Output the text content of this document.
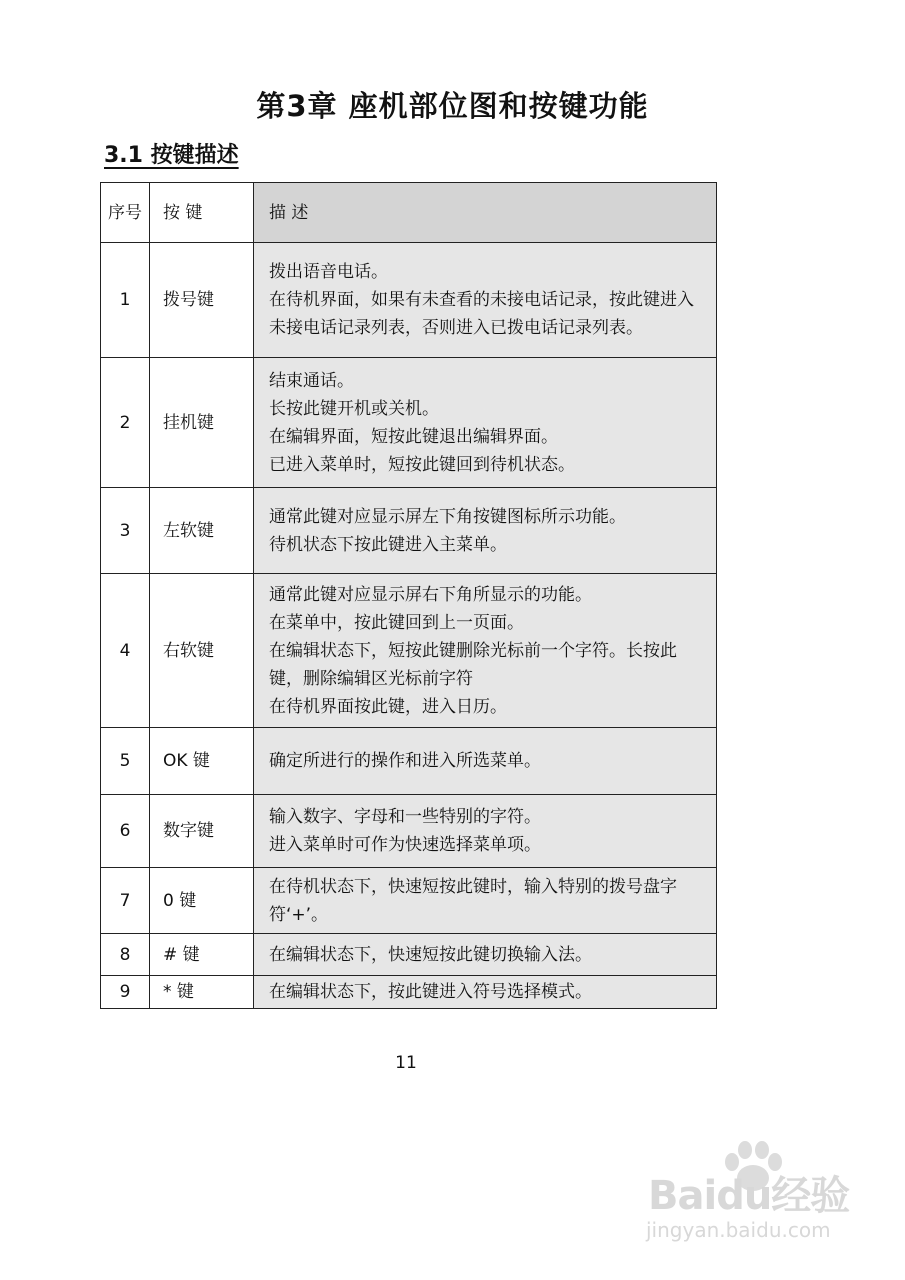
第3章 座机部位图和按键功能
3.1 按键描述
序号	按 键	描 述
1	拨号键	拨出语音电话。
在待机界面，如果有未查看的未接电话记录，按此键进入未接电话记录列表，否则进入已拨电话记录列表。

2	挂机键	结束通话。
长按此键开机或关机。
在编辑界面，短按此键退出编辑界面。
已进入菜单时，短按此键回到待机状态。

3	左软键	通常此键对应显示屏左下角按键图标所示功能。
待机状态下按此键进入主菜单。

4	右软键	通常此键对应显示屏右下角所显示的功能。
在菜单中，按此键回到上一页面。
在编辑状态下，短按此键删除光标前一个字符。长按此键，删除编辑区光标前字符
在待机界面按此键，进入日历。

5	OK 键	确定所进行的操作和进入所选菜单。

6	数字键	输入数字、字母和一些特别的字符。
进入菜单时可作为快速选择菜单项。

7	0 键	在待机状态下，快速短按此键时，输入特别的拨号盘字符‘+’。

8	# 键	在编辑状态下，快速短按此键切换输入法。

9	* 键	在编辑状态下，按此键进入符号选择模式。
11
Baidu经验
jingyan.baidu.com
